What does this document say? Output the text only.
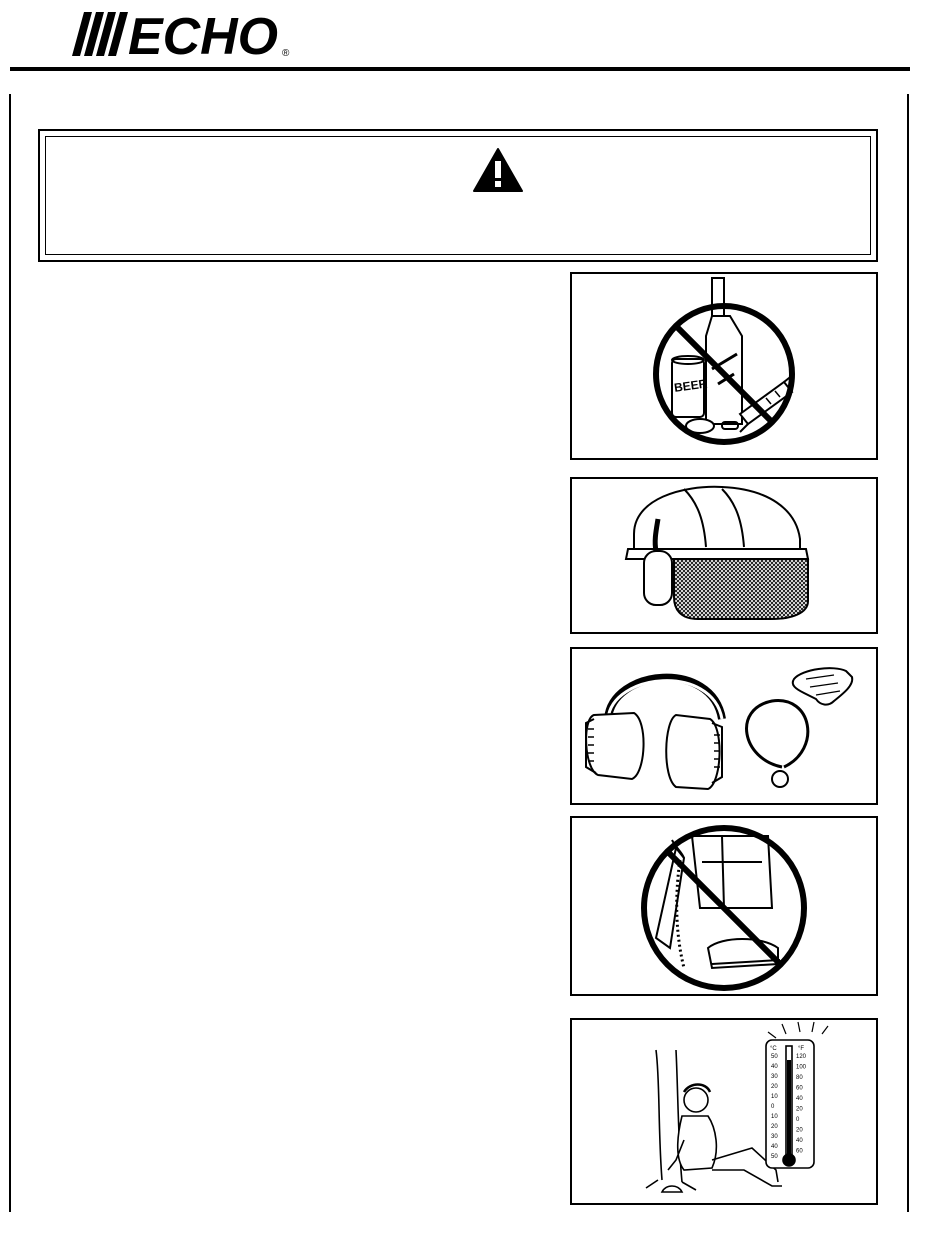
ECHO ®
BEER
°C	°F
50
40
30
20
10
0
10
20
30
40
50
120
100
80
60
40
20
0
20
40
60
